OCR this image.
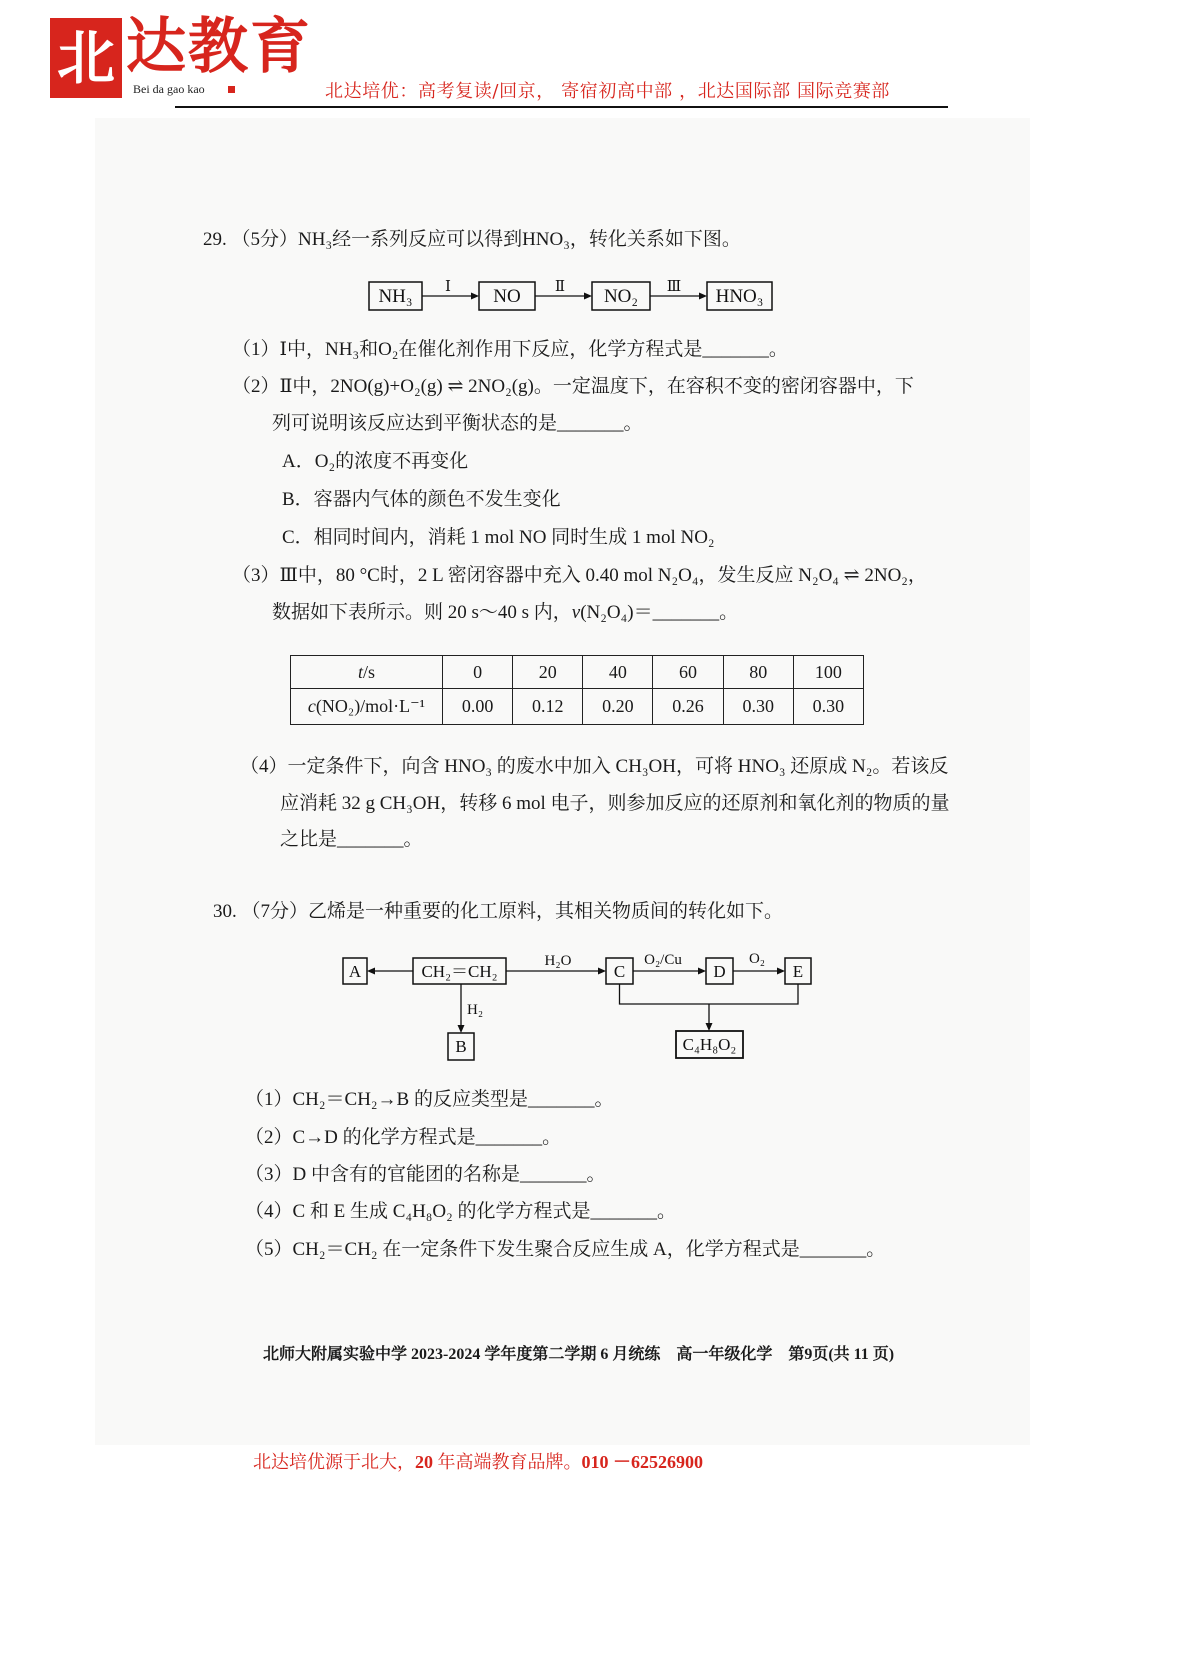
北 达教育
Bei da gao kao	北达培优：高考复读/回京， 寄宿初高中部 ，北达国际部 国际竞赛部
29. （5分）NH₃经一系列反应可以得到HNO₃，转化关系如下图。
NH₃ Ⅰ NO Ⅱ NO₂ Ⅲ HNO₃
（1）Ⅰ中，NH₃和O₂在催化剂作用下反应，化学方程式是_______。
（2）Ⅱ中，2NO(g)+O₂(g) ⇌ 2NO₂(g)。一定温度下，在容积不变的密闭容器中，下
列可说明该反应达到平衡状态的是_______。
A．O₂的浓度不再变化
B．容器内气体的颜色不发生变化
C．相同时间内，消耗 1 mol NO 同时生成 1 mol NO₂
（3）Ⅲ中，80 °C时，2 L 密闭容器中充入 0.40 mol N₂O₄，发生反应 N₂O₄ ⇌ 2NO₂，
数据如下表所示。则 20 s～40 s 内，v(N₂O₄)＝_______。
t/s	0	20	40	60	80	100
c(NO₂)/mol·L⁻¹	0.00	0.12	0.20	0.26	0.30	0.30
（4）一定条件下，向含 HNO₃ 的废水中加入 CH₃OH，可将 HNO₃ 还原成 N₂。若该反
应消耗 32 g CH₃OH，转移 6 mol 电子，则参加反应的还原剂和氧化剂的物质的量
之比是_______。
30. （7分）乙烯是一种重要的化工原料，其相关物质间的转化如下。
A	CH₂＝CH₂
H₂O
C
O₂/Cu
D
O₂
E
H₂
B	C₄H₈O₂
（1）CH₂＝CH₂→B 的反应类型是_______。
（2）C→D 的化学方程式是_______。
（3）D 中含有的官能团的名称是_______。
（4）C 和 E 生成 C₄H₈O₂ 的化学方程式是_______。
（5）CH₂＝CH₂ 在一定条件下发生聚合反应生成 A，化学方程式是_______。
北师大附属实验中学 2023-2024 学年度第二学期 6 月统练　高一年级化学　第9页(共 11 页)
北达培优源于北大，20 年高端教育品牌。010 －62526900
